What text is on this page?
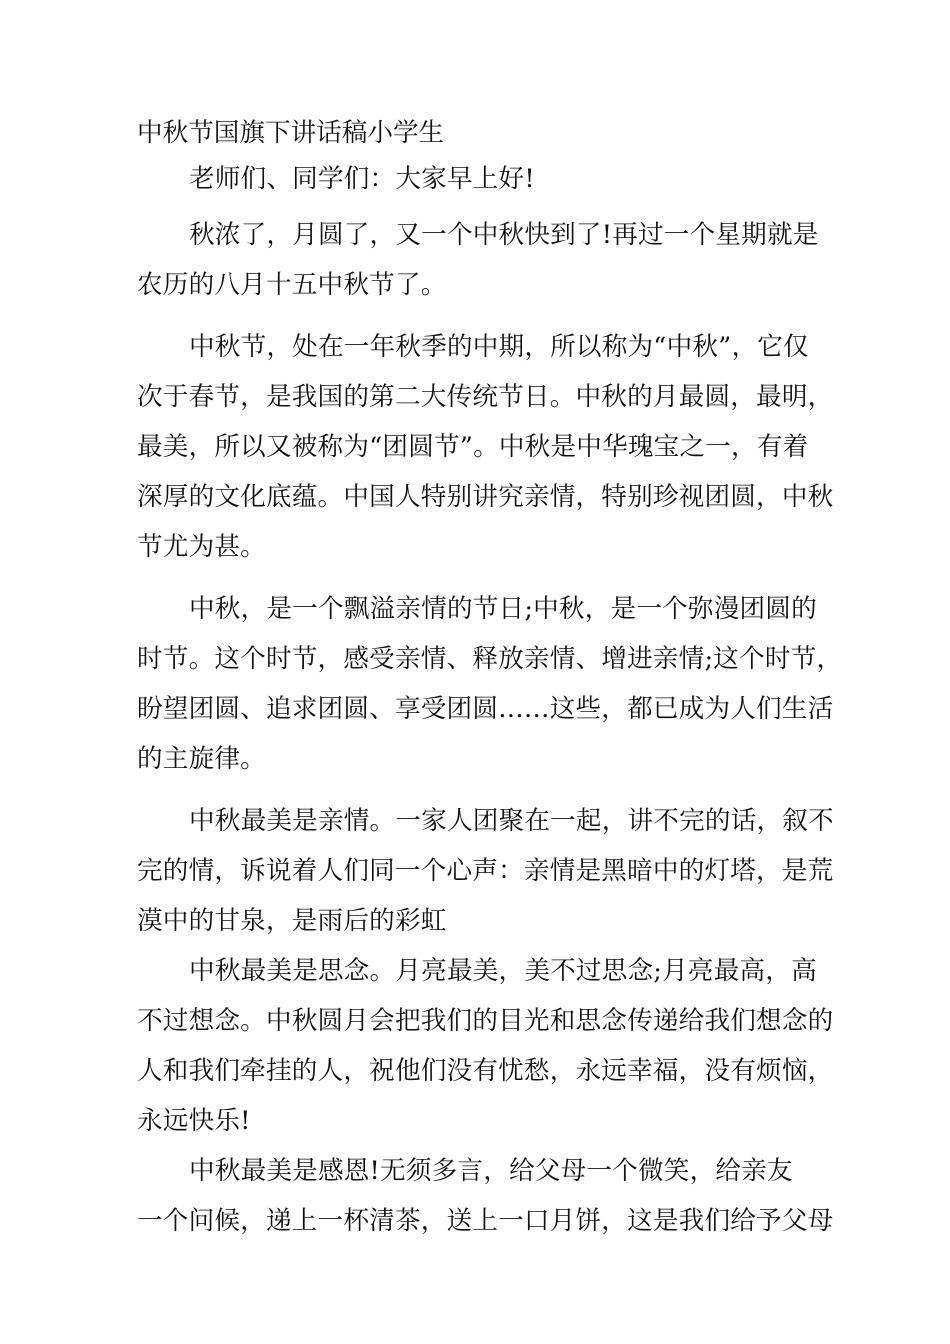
中秋节国旗下讲话稿小学生
老师们、同学们：大家早上好!
秋浓了，月圆了，又一个中秋快到了!再过一个星期就是
农历的八月十五中秋节了。
中秋节，处在一年秋季的中期，所以称为“中秋”，它仅
次于春节，是我国的第二大传统节日。中秋的月最圆，最明，
最美，所以又被称为“团圆节”。中秋是中华瑰宝之一，有着
深厚的文化底蕴。中国人特别讲究亲情，特别珍视团圆，中秋
节尤为甚。
中秋，是一个飘溢亲情的节日;中秋，是一个弥漫团圆的
时节。这个时节，感受亲情、释放亲情、增进亲情;这个时节，
盼望团圆、追求团圆、享受团圆……这些，都已成为人们生活
的主旋律。
中秋最美是亲情。一家人团聚在一起，讲不完的话，叙不
完的情，诉说着人们同一个心声：亲情是黑暗中的灯塔，是荒
漠中的甘泉，是雨后的彩虹
中秋最美是思念。月亮最美，美不过思念;月亮最高，高
不过想念。中秋圆月会把我们的目光和思念传递给我们想念的
人和我们牵挂的人，祝他们没有忧愁，永远幸福，没有烦恼，
永远快乐!
中秋最美是感恩!无须多言，给父母一个微笑，给亲友
一个问候，递上一杯清茶，送上一口月饼，这是我们给予父母
